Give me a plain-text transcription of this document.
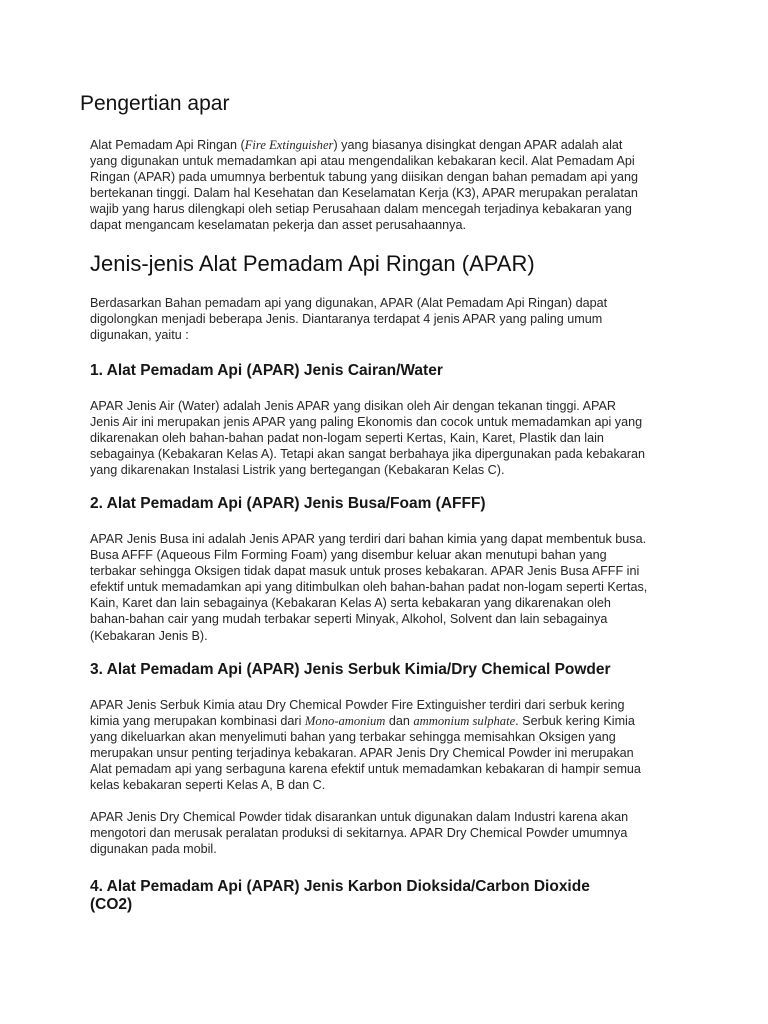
Pengertian apar

Alat Pemadam Api Ringan (Fire Extinguisher) yang biasanya disingkat dengan APAR adalah alat
yang digunakan untuk memadamkan api atau mengendalikan kebakaran kecil. Alat Pemadam Api
Ringan (APAR) pada umumnya berbentuk tabung yang diisikan dengan bahan pemadam api yang
bertekanan tinggi. Dalam hal Kesehatan dan Keselamatan Kerja (K3), APAR merupakan peralatan
wajib yang harus dilengkapi oleh setiap Perusahaan dalam mencegah terjadinya kebakaran yang
dapat mengancam keselamatan pekerja dan asset perusahaannya.

Jenis-jenis Alat Pemadam Api Ringan (APAR)

Berdasarkan Bahan pemadam api yang digunakan, APAR (Alat Pemadam Api Ringan) dapat
digolongkan menjadi beberapa Jenis. Diantaranya terdapat 4 jenis APAR yang paling umum
digunakan, yaitu :

1. Alat Pemadam Api (APAR) Jenis Cairan/Water

APAR Jenis Air (Water) adalah Jenis APAR yang disikan oleh Air dengan tekanan tinggi. APAR
Jenis Air ini merupakan jenis APAR yang paling Ekonomis dan cocok untuk memadamkan api yang
dikarenakan oleh bahan-bahan padat non-logam seperti Kertas, Kain, Karet, Plastik dan lain
sebagainya (Kebakaran Kelas A). Tetapi akan sangat berbahaya jika dipergunakan pada kebakaran
yang dikarenakan Instalasi Listrik yang bertegangan (Kebakaran Kelas C).

2. Alat Pemadam Api (APAR) Jenis Busa/Foam (AFFF)

APAR Jenis Busa ini adalah Jenis APAR yang terdiri dari bahan kimia yang dapat membentuk busa.
Busa AFFF (Aqueous Film Forming Foam) yang disembur keluar akan menutupi bahan yang
terbakar sehingga Oksigen tidak dapat masuk untuk proses kebakaran. APAR Jenis Busa AFFF ini
efektif untuk memadamkan api yang ditimbulkan oleh bahan-bahan padat non-logam seperti Kertas,
Kain, Karet dan lain sebagainya (Kebakaran Kelas A) serta kebakaran yang dikarenakan oleh
bahan-bahan cair yang mudah terbakar seperti Minyak, Alkohol, Solvent dan lain sebagainya
(Kebakaran Jenis B).

3. Alat Pemadam Api (APAR) Jenis Serbuk Kimia/Dry Chemical Powder

APAR Jenis Serbuk Kimia atau Dry Chemical Powder Fire Extinguisher terdiri dari serbuk kering
kimia yang merupakan kombinasi dari Mono-amonium dan ammonium sulphate. Serbuk kering Kimia
yang dikeluarkan akan menyelimuti bahan yang terbakar sehingga memisahkan Oksigen yang
merupakan unsur penting terjadinya kebakaran. APAR Jenis Dry Chemical Powder ini merupakan
Alat pemadam api yang serbaguna karena efektif untuk memadamkan kebakaran di hampir semua
kelas kebakaran seperti Kelas A, B dan C.

APAR Jenis Dry Chemical Powder tidak disarankan untuk digunakan dalam Industri karena akan
mengotori dan merusak peralatan produksi di sekitarnya. APAR Dry Chemical Powder umumnya
digunakan pada mobil.

4. Alat Pemadam Api (APAR) Jenis Karbon Dioksida/Carbon Dioxide
(CO2)
